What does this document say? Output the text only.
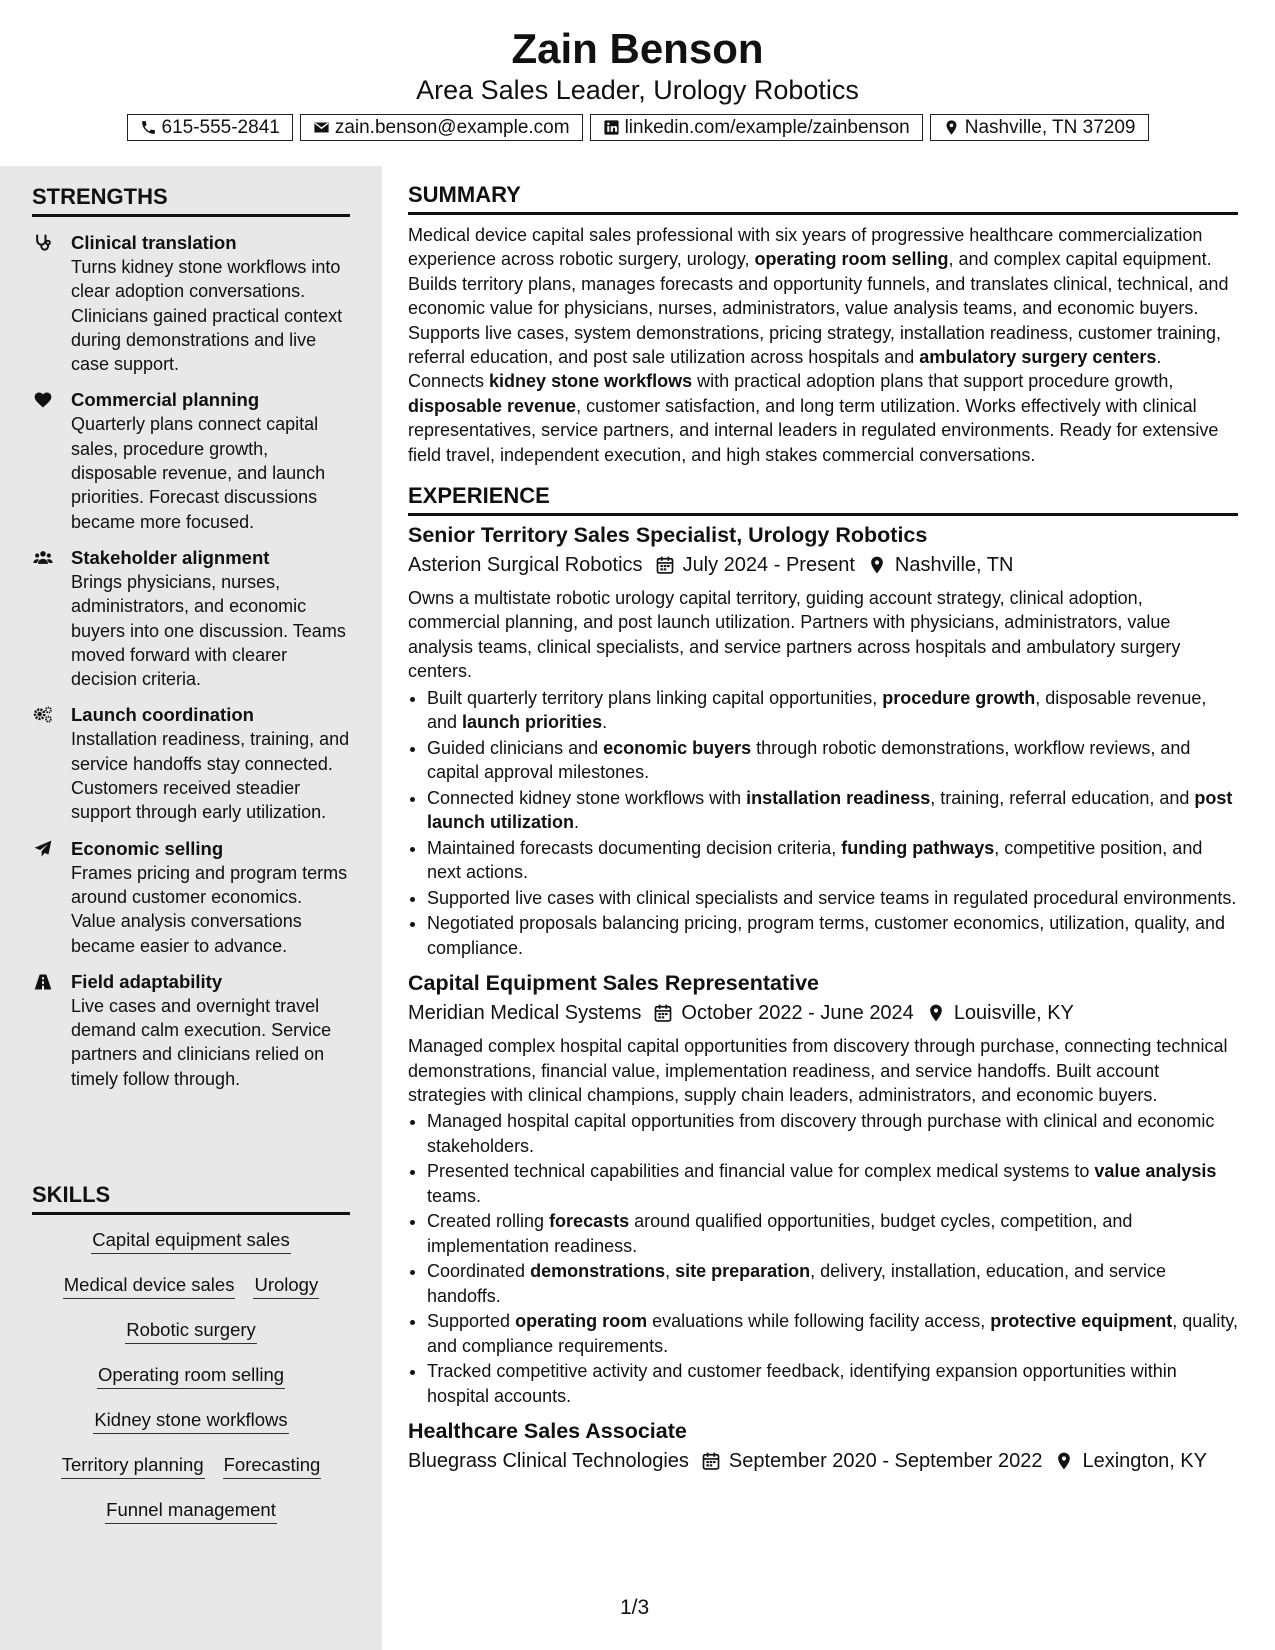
Zain Benson
Area Sales Leader, Urology Robotics
615-555-2841	zain.benson@example.com	linkedin.com/example/zainbenson	Nashville, TN 37209
STRENGTHS
Clinical translation
Turns kidney stone workflows into clear adoption conversations. Clinicians gained practical context during demonstrations and live case support.
Commercial planning
Quarterly plans connect capital sales, procedure growth, disposable revenue, and launch priorities. Forecast discussions became more focused.
Stakeholder alignment
Brings physicians, nurses, administrators, and economic buyers into one discussion. Teams moved forward with clearer decision criteria.
Launch coordination
Installation readiness, training, and service handoffs stay connected. Customers received steadier support through early utilization.
Economic selling
Frames pricing and program terms around customer economics. Value analysis conversations became easier to advance.
Field adaptability
Live cases and overnight travel demand calm execution. Service partners and clinicians relied on timely follow through.
SKILLS
Capital equipment sales
Medical device sales Urology
Robotic surgery
Operating room selling
Kidney stone workflows
Territory planning Forecasting
Funnel management
SUMMARY

Medical device capital sales professional with six years of progressive healthcare commercialization experience across robotic surgery, urology, operating room selling, and complex capital equipment. Builds territory plans, manages forecasts and opportunity funnels, and translates clinical, technical, and economic value for physicians, nurses, administrators, value analysis teams, and economic buyers. Supports live cases, system demonstrations, pricing strategy, installation readiness, customer training, referral education, and post sale utilization across hospitals and ambulatory surgery centers. Connects kidney stone workflows with practical adoption plans that support procedure growth, disposable revenue, customer satisfaction, and long term utilization. Works effectively with clinical representatives, service partners, and internal leaders in regulated environments. Ready for extensive field travel, independent execution, and high stakes commercial conversations.

EXPERIENCE
Senior Territory Sales Specialist, Urology Robotics
Asterion Surgical Robotics July 2024 - Present Nashville, TN

Owns a multistate robotic urology capital territory, guiding account strategy, clinical adoption, commercial planning, and post launch utilization. Partners with physicians, administrators, value analysis teams, clinical specialists, and service partners across hospitals and ambulatory surgery centers.

• Built quarterly territory plans linking capital opportunities, procedure growth, disposable revenue, and launch priorities.
• Guided clinicians and economic buyers through robotic demonstrations, workflow reviews, and capital approval milestones.
• Connected kidney stone workflows with installation readiness, training, referral education, and post launch utilization.
• Maintained forecasts documenting decision criteria, funding pathways, competitive position, and next actions.
• Supported live cases with clinical specialists and service teams in regulated procedural environments.
• Negotiated proposals balancing pricing, program terms, customer economics, utilization, quality, and compliance.
Capital Equipment Sales Representative
Meridian Medical Systems October 2022 - June 2024 Louisville, KY

Managed complex hospital capital opportunities from discovery through purchase, connecting technical demonstrations, financial value, implementation readiness, and service handoffs. Built account strategies with clinical champions, supply chain leaders, administrators, and economic buyers.

• Managed hospital capital opportunities from discovery through purchase with clinical and economic stakeholders.
• Presented technical capabilities and financial value for complex medical systems to value analysis teams.
• Created rolling forecasts around qualified opportunities, budget cycles, competition, and implementation readiness.
• Coordinated demonstrations, site preparation, delivery, installation, education, and service handoffs.
• Supported operating room evaluations while following facility access, protective equipment, quality, and compliance requirements.
• Tracked competitive activity and customer feedback, identifying expansion opportunities within hospital accounts.
Healthcare Sales Associate
Bluegrass Clinical Technologies September 2020 - September 2022 Lexington, KY
1/3
